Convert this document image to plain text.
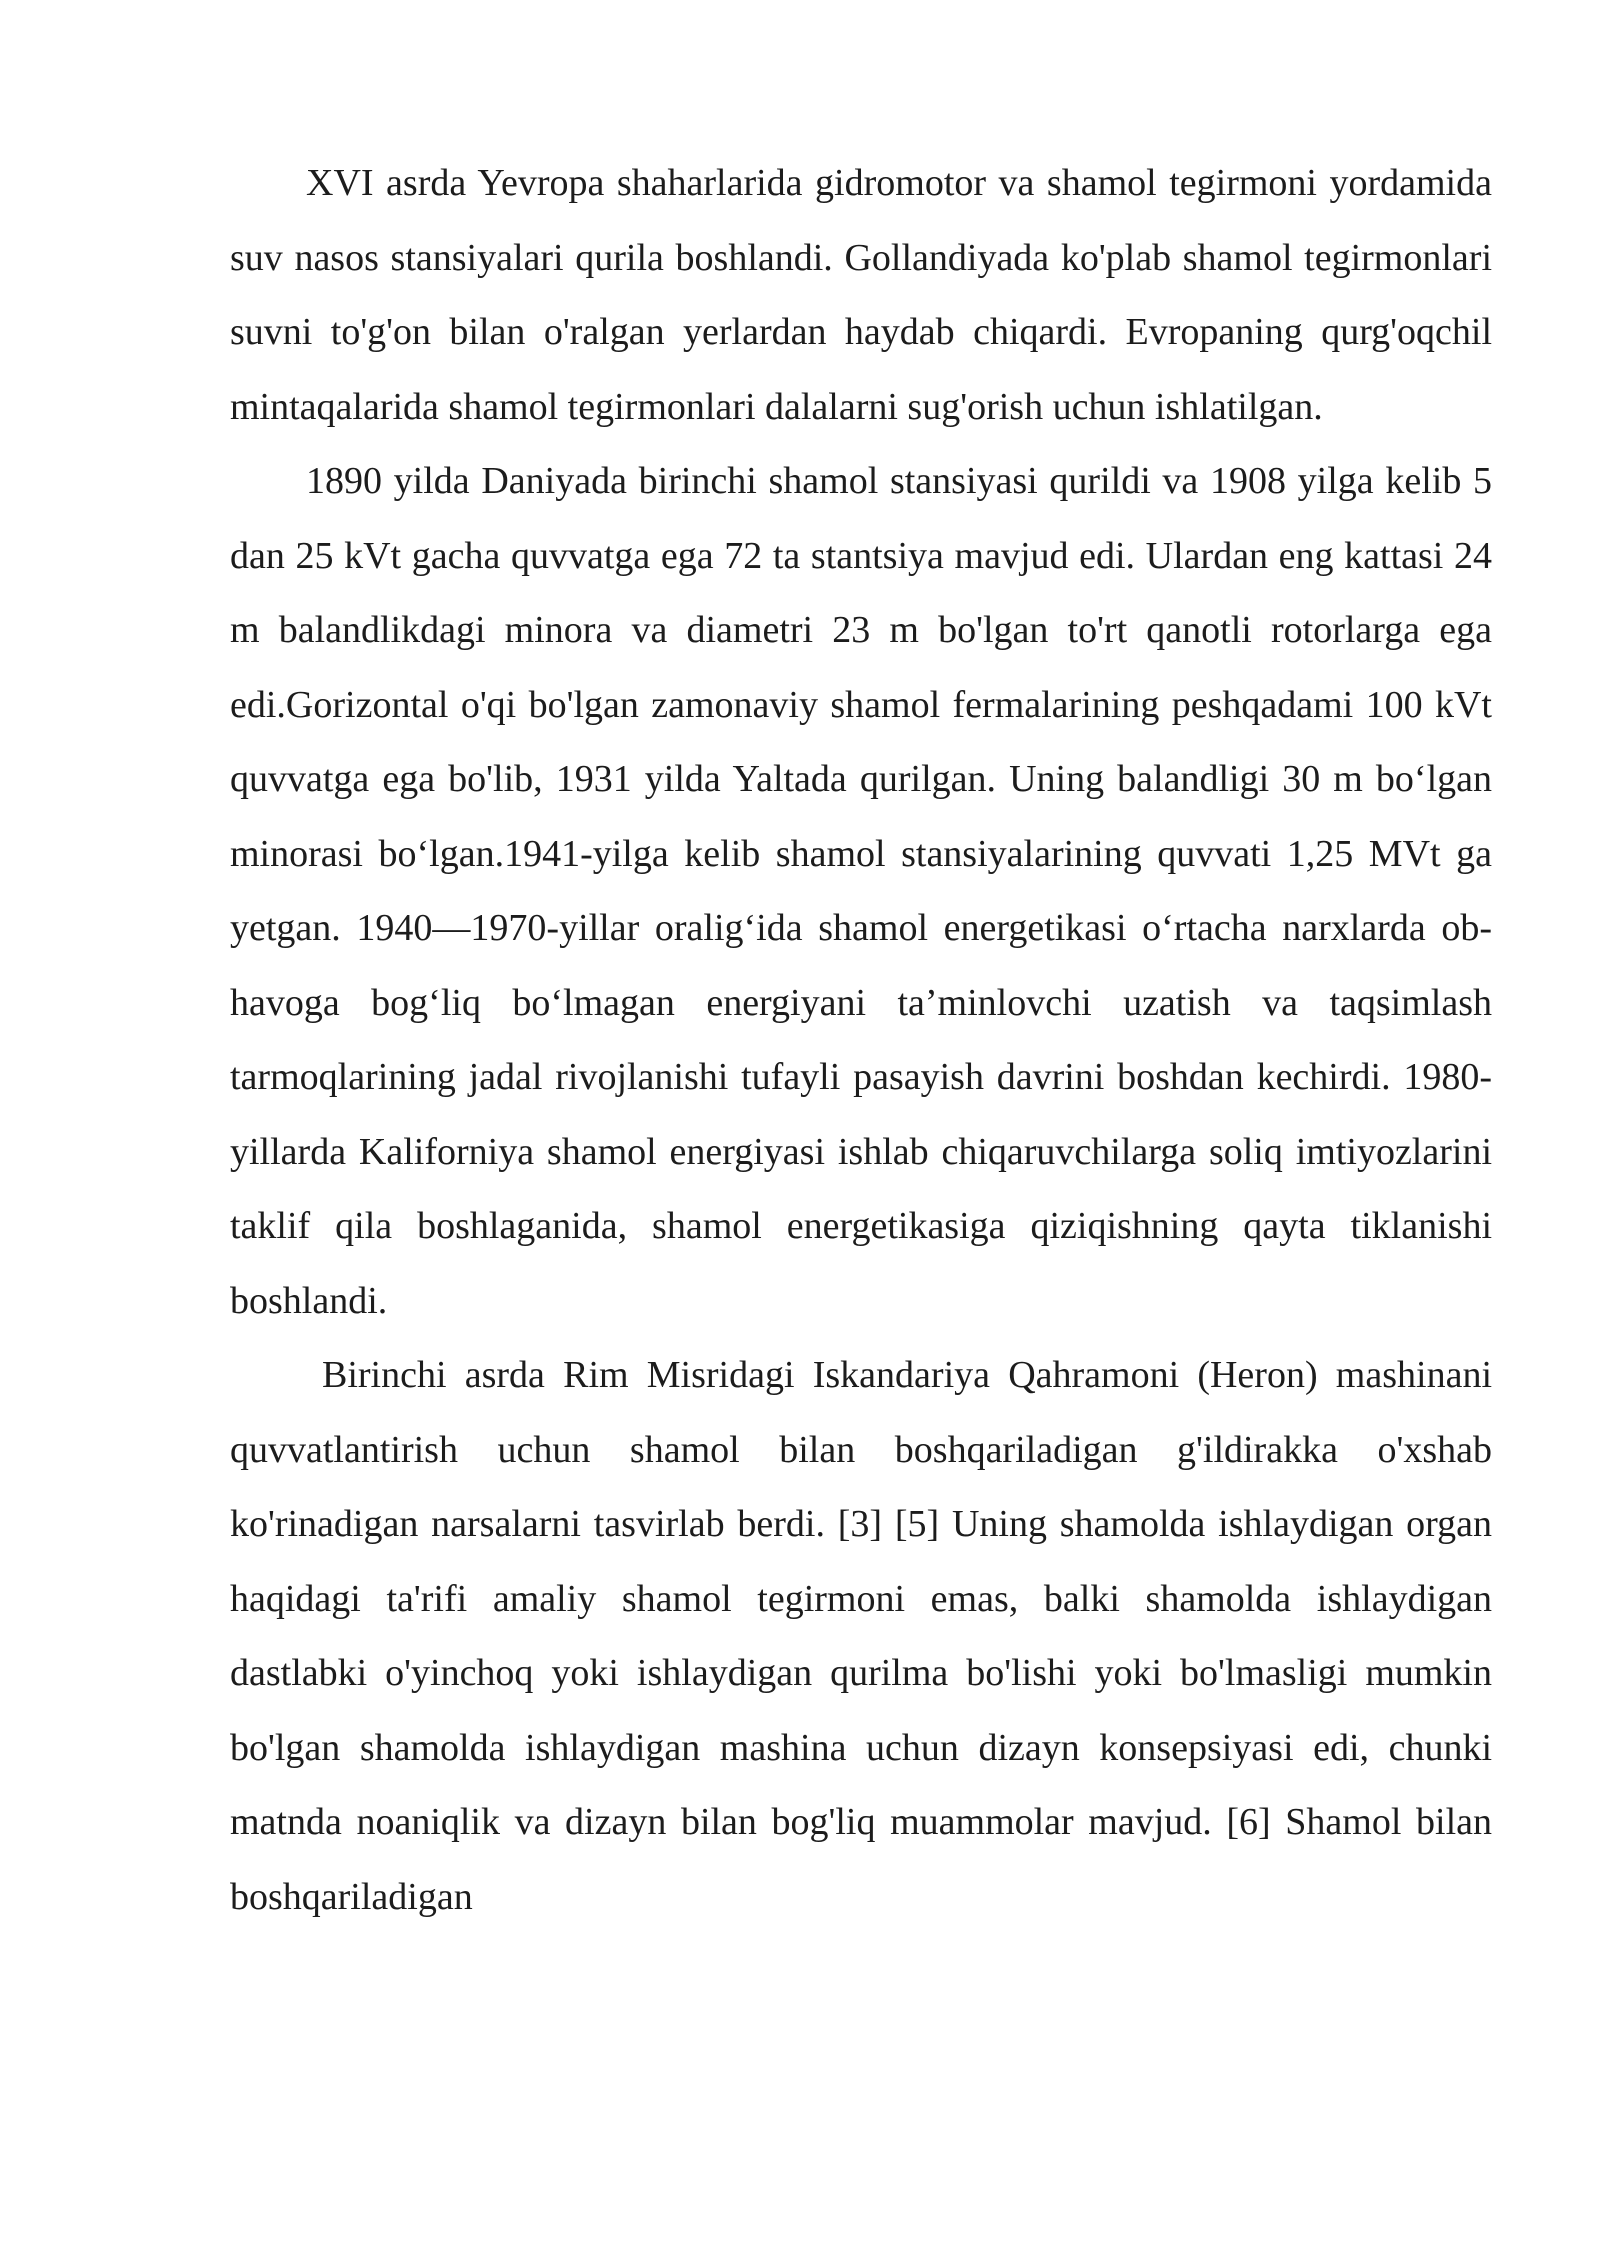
XVI asrda Yevropa shaharlarida gidromotor va shamol tegirmoni yordamida suv nasos stansiyalari qurila boshlandi. Gollandiyada ko'plab shamol tegirmonlari suvni to'g'on bilan o'ralgan yerlardan haydab chiqardi. Evropaning qurg'oqchil mintaqalarida shamol tegirmonlari dalalarni sug'orish uchun ishlatilgan.

1890 yilda Daniyada birinchi shamol stansiyasi qurildi va 1908 yilga kelib 5 dan 25 kVt gacha quvvatga ega 72 ta stantsiya mavjud edi. Ulardan eng kattasi 24 m balandlikdagi minora va diametri 23 m bo'lgan to'rt qanotli rotorlarga ega edi.Gorizontal o'qi bo'lgan zamonaviy shamol fermalarining peshqadami 100 kVt quvvatga ega bo'lib, 1931 yilda Yaltada qurilgan. Uning balandligi 30 m bo‘lgan minorasi bo‘lgan.1941-yilga kelib shamol stansiyalarining quvvati 1,25 MVt ga yetgan. 1940—1970-yillar oralig‘ida shamol energetikasi o‘rtacha narxlarda ob-havoga bog‘liq bo‘lmagan energiyani ta’minlovchi uzatish va taqsimlash tarmoqlarining jadal rivojlanishi tufayli pasayish davrini boshdan kechirdi. 1980-yillarda Kaliforniya shamol energiyasi ishlab chiqaruvchilarga soliq imtiyozlarini taklif qila boshlaganida, shamol energetikasiga qiziqishning qayta tiklanishi boshlandi.

Birinchi asrda Rim Misridagi Iskandariya Qahramoni (Heron) mashinani quvvatlantirish uchun shamol bilan boshqariladigan g'ildirakka o'xshab ko'rinadigan narsalarni tasvirlab berdi. [3] [5] Uning shamolda ishlaydigan organ haqidagi ta'rifi amaliy shamol tegirmoni emas, balki shamolda ishlaydigan dastlabki o'yinchoq yoki ishlaydigan qurilma bo'lishi yoki bo'lmasligi mumkin bo'lgan shamolda ishlaydigan mashina uchun dizayn konsepsiyasi edi, chunki matnda noaniqlik va dizayn bilan bog'liq muammolar mavjud. [6] Shamol bilan boshqariladigan
